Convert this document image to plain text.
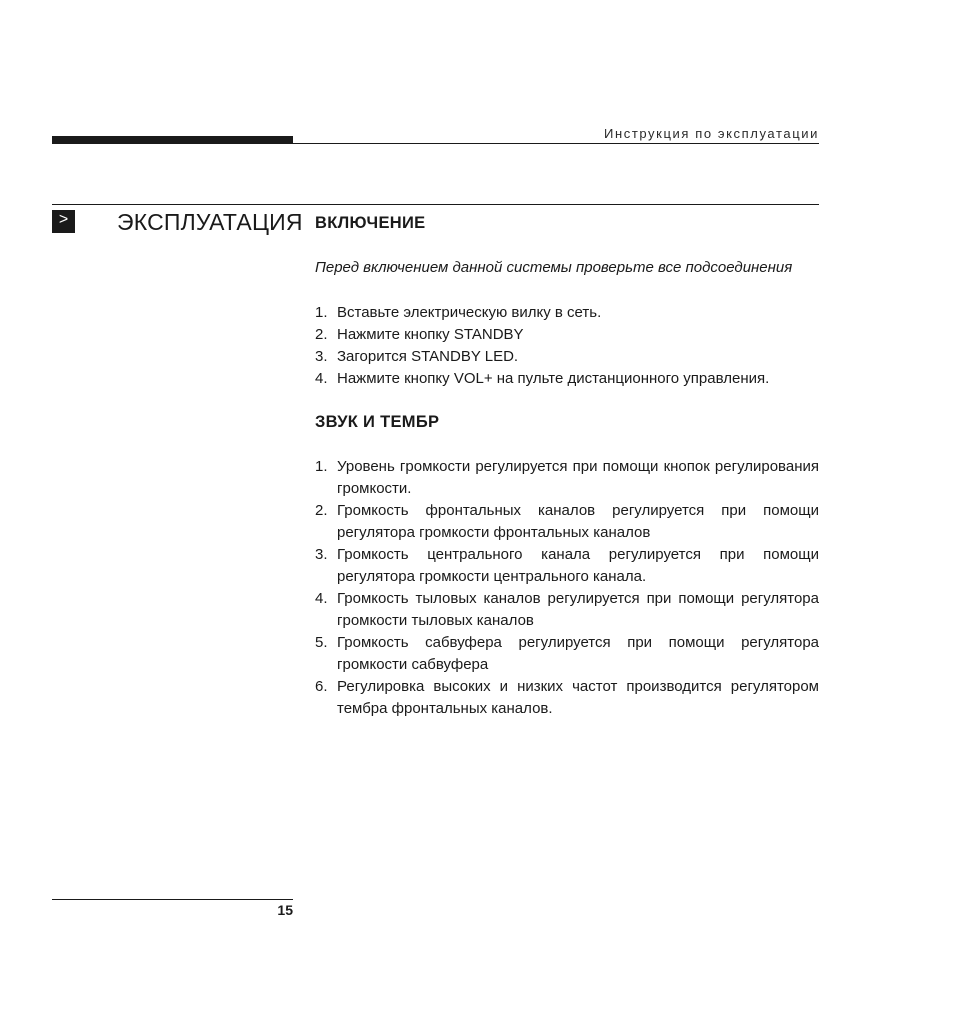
Инструкция по эксплуатации
> ЭКСПЛУАТАЦИЯ ВКЛЮЧЕНИЕ
Перед включением данной системы проверьте все подсоединения
1. Вставьте электрическую вилку в сеть.
2. Нажмите кнопку STANDBY
3. Загорится STANDBY LED.
4. Нажмите кнопку VOL+ на пульте дистанционного управления.
ЗВУК И ТЕМБР
1. Уровень громкости регулируется при помощи кнопок регулирования громкости.
2. Громкость фронтальных каналов регулируется при помощи регулятора громкости фронтальных каналов
3. Громкость центрального канала регулируется при помощи регулятора громкости центрального канала.
4. Громкость тыловых каналов регулируется при помощи регулятора громкости тыловых каналов
5. Громкость сабвуфера регулируется при помощи регулятора громкости сабвуфера
6. Регулировка высоких и низких частот производится регулятором тембра фронтальных каналов.
15
